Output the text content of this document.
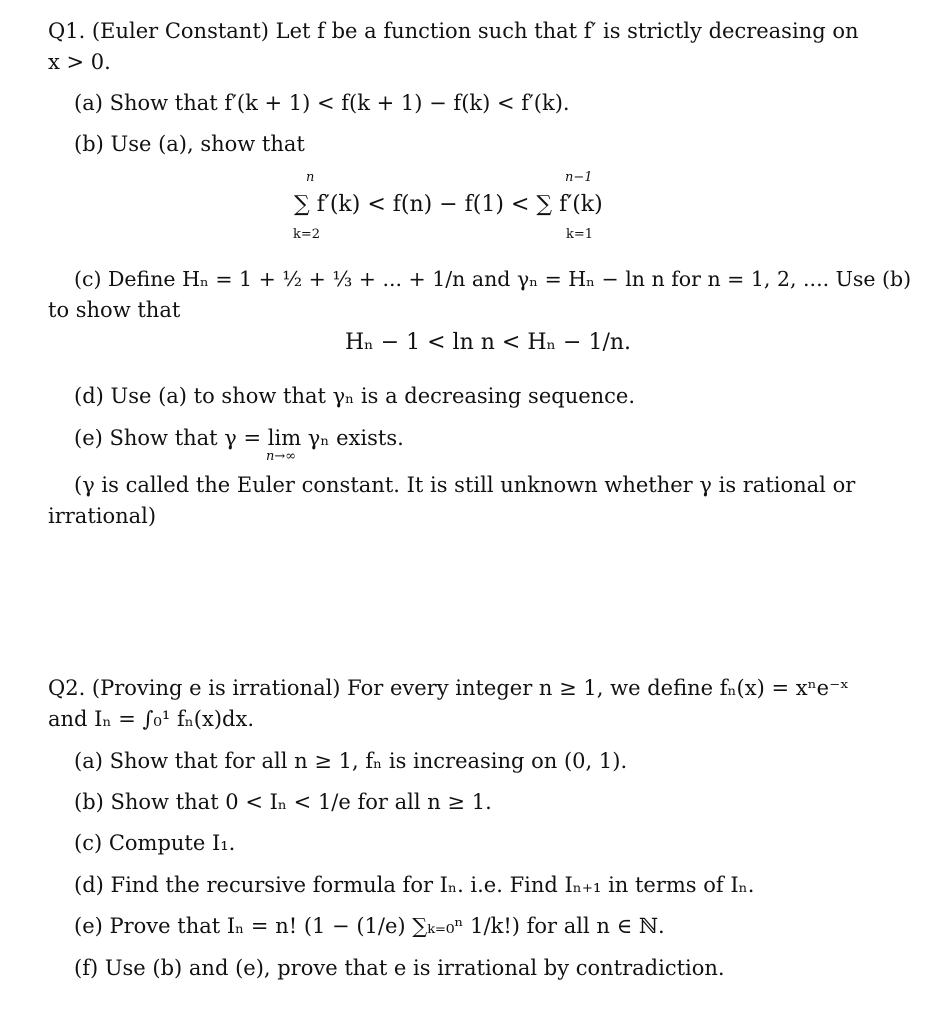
Q1. (Euler Constant) Let f be a function such that f′ is strictly decreasing on
x > 0.
(a) Show that f′(k + 1) < f(k + 1) − f(k) < f′(k).
(b) Use (a), show that
n
∑ f′(k) < f(n) − f(1) < ∑ f′(k)
k=2
n−1
k=1
(c) Define Hₙ = 1 + ½ + ⅓ + ... + 1/n and γₙ = Hₙ − ln n for n = 1, 2, .... Use (b)
to show that
Hₙ − 1 < ln n < Hₙ − 1/n.
(d) Use (a) to show that γₙ is a decreasing sequence.
(e) Show that γ = lim γₙ exists.
n→∞
(γ is called the Euler constant. It is still unknown whether γ is rational or
irrational)
Q2. (Proving e is irrational) For every integer n ≥ 1, we define fₙ(x) = xⁿe⁻ˣ
and Iₙ = ∫₀¹ fₙ(x)dx.
(a) Show that for all n ≥ 1, fₙ is increasing on (0, 1).
(b) Show that 0 < Iₙ < 1/e for all n ≥ 1.
(c) Compute I₁.
(d) Find the recursive formula for Iₙ. i.e. Find Iₙ₊₁ in terms of Iₙ.
(e) Prove that Iₙ = n! (1 − (1/e) ∑ₖ₌₀ⁿ 1/k!) for all n ∈ ℕ.
(f) Use (b) and (e), prove that e is irrational by contradiction.
